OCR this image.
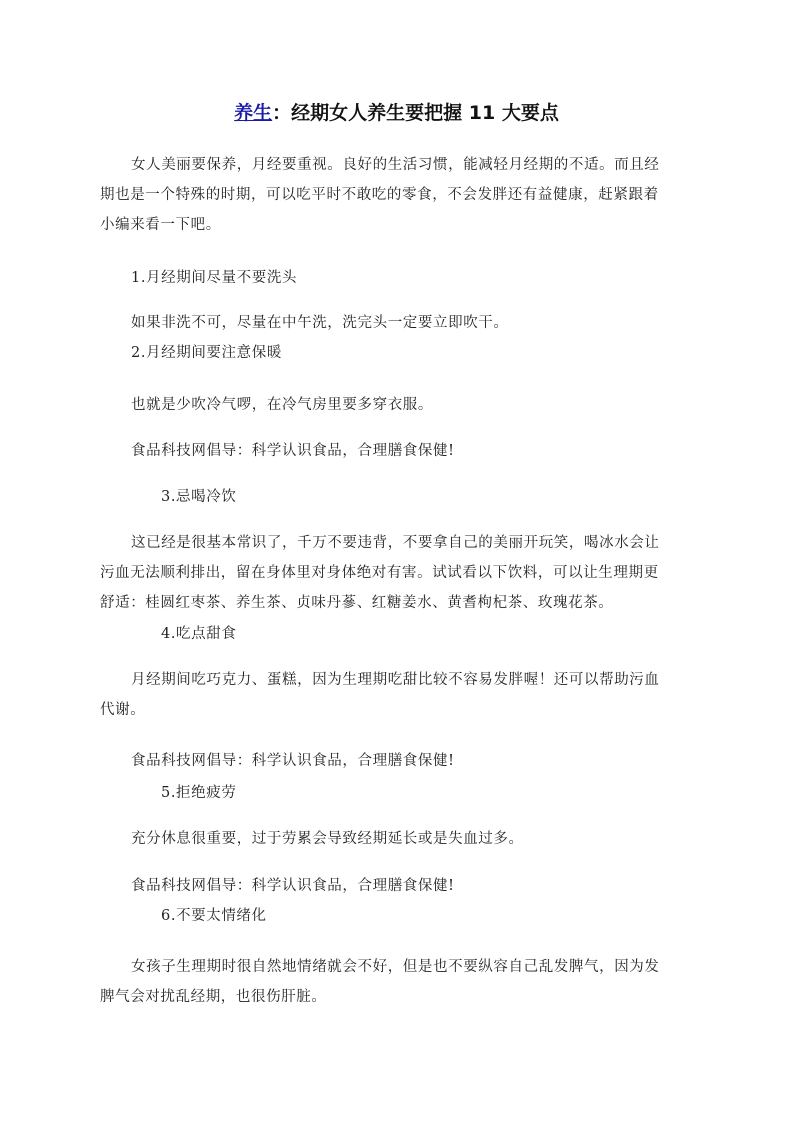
养生：经期女人养生要把握 11 大要点
女人美丽要保养，月经要重视。良好的生活习惯，能减轻月经期的不适。而且经
期也是一个特殊的时期，可以吃平时不敢吃的零食，不会发胖还有益健康，赶紧跟着
小编来看一下吧。
1.月经期间尽量不要洗头
如果非洗不可，尽量在中午洗，洗完头一定要立即吹干。
2.月经期间要注意保暖
也就是少吹冷气啰，在冷气房里要多穿衣服。
食品科技网倡导：科学认识食品，合理膳食保健!
3.忌喝冷饮
这已经是很基本常识了，千万不要违背，不要拿自己的美丽开玩笑，喝冰水会让
污血无法顺利排出，留在身体里对身体绝对有害。试试看以下饮料，可以让生理期更
舒适：桂圆红枣茶、养生茶、贞味丹蔘、红糖姜水、黄耆枸杞茶、玫瑰花茶。
4.吃点甜食
月经期间吃巧克力、蛋糕，因为生理期吃甜比较不容易发胖喔！还可以帮助污血
代谢。
食品科技网倡导：科学认识食品，合理膳食保健!
5.拒绝疲劳
充分休息很重要，过于劳累会导致经期延长或是失血过多。
食品科技网倡导：科学认识食品，合理膳食保健!
6.不要太情绪化
女孩子生理期时很自然地情绪就会不好，但是也不要纵容自己乱发脾气，因为发
脾气会对扰乱经期，也很伤肝脏。
